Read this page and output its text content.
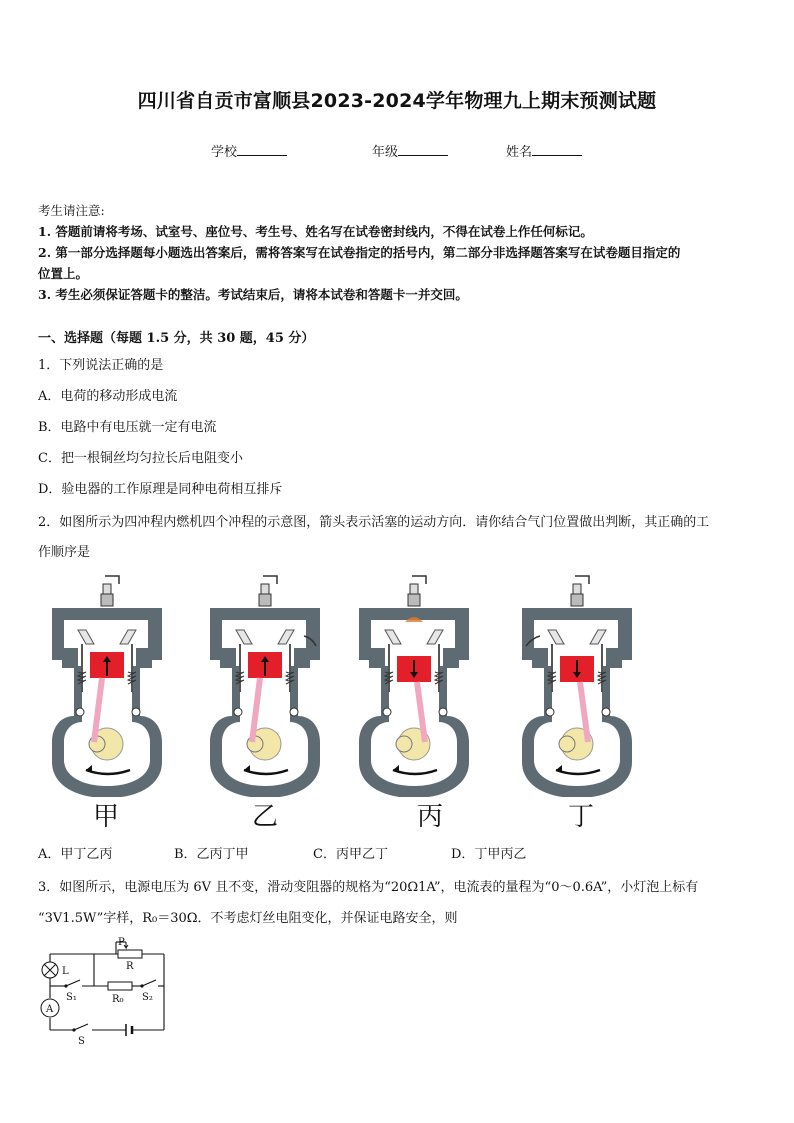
四川省自贡市富顺县2023-2024学年物理九上期末预测试题
学校	年级	姓名
考生请注意:
1. 答题前请将考场、试室号、座位号、考生号、姓名写在试卷密封线内，不得在试卷上作任何标记。
2. 第一部分选择题每小题选出答案后，需将答案写在试卷指定的括号内，第二部分非选择题答案写在试卷题目指定的
位置上。
3. 考生必须保证答题卡的整洁。考试结束后，请将本试卷和答题卡一并交回。
一、选择题（每题 1.5 分，共 30 题，45 分）
1．下列说法正确的是
A．电荷的移动形成电流
B．电路中有电压就一定有电流
C．把一根铜丝均匀拉长后电阻变小
D．验电器的工作原理是同种电荷相互排斥
2．如图所示为四冲程内燃机四个冲程的示意图，箭头表示活塞的运动方向．请你结合气门位置做出判断，其正确的工
作顺序是
甲	乙	丙	丁
A．甲丁乙丙	B．乙丙丁甲	C．丙甲乙丁	D．丁甲丙乙
3．如图所示，电源电压为 6V 且不变，滑动变阻器的规格为“20Ω1A”，电流表的量程为“0～0.6A”，小灯泡上标有
“3V1.5W”字样，R₀＝30Ω．不考虑灯丝电阻变化，并保证电路安全，则
P
R
L
S₁	R₀ S₂
A
S
